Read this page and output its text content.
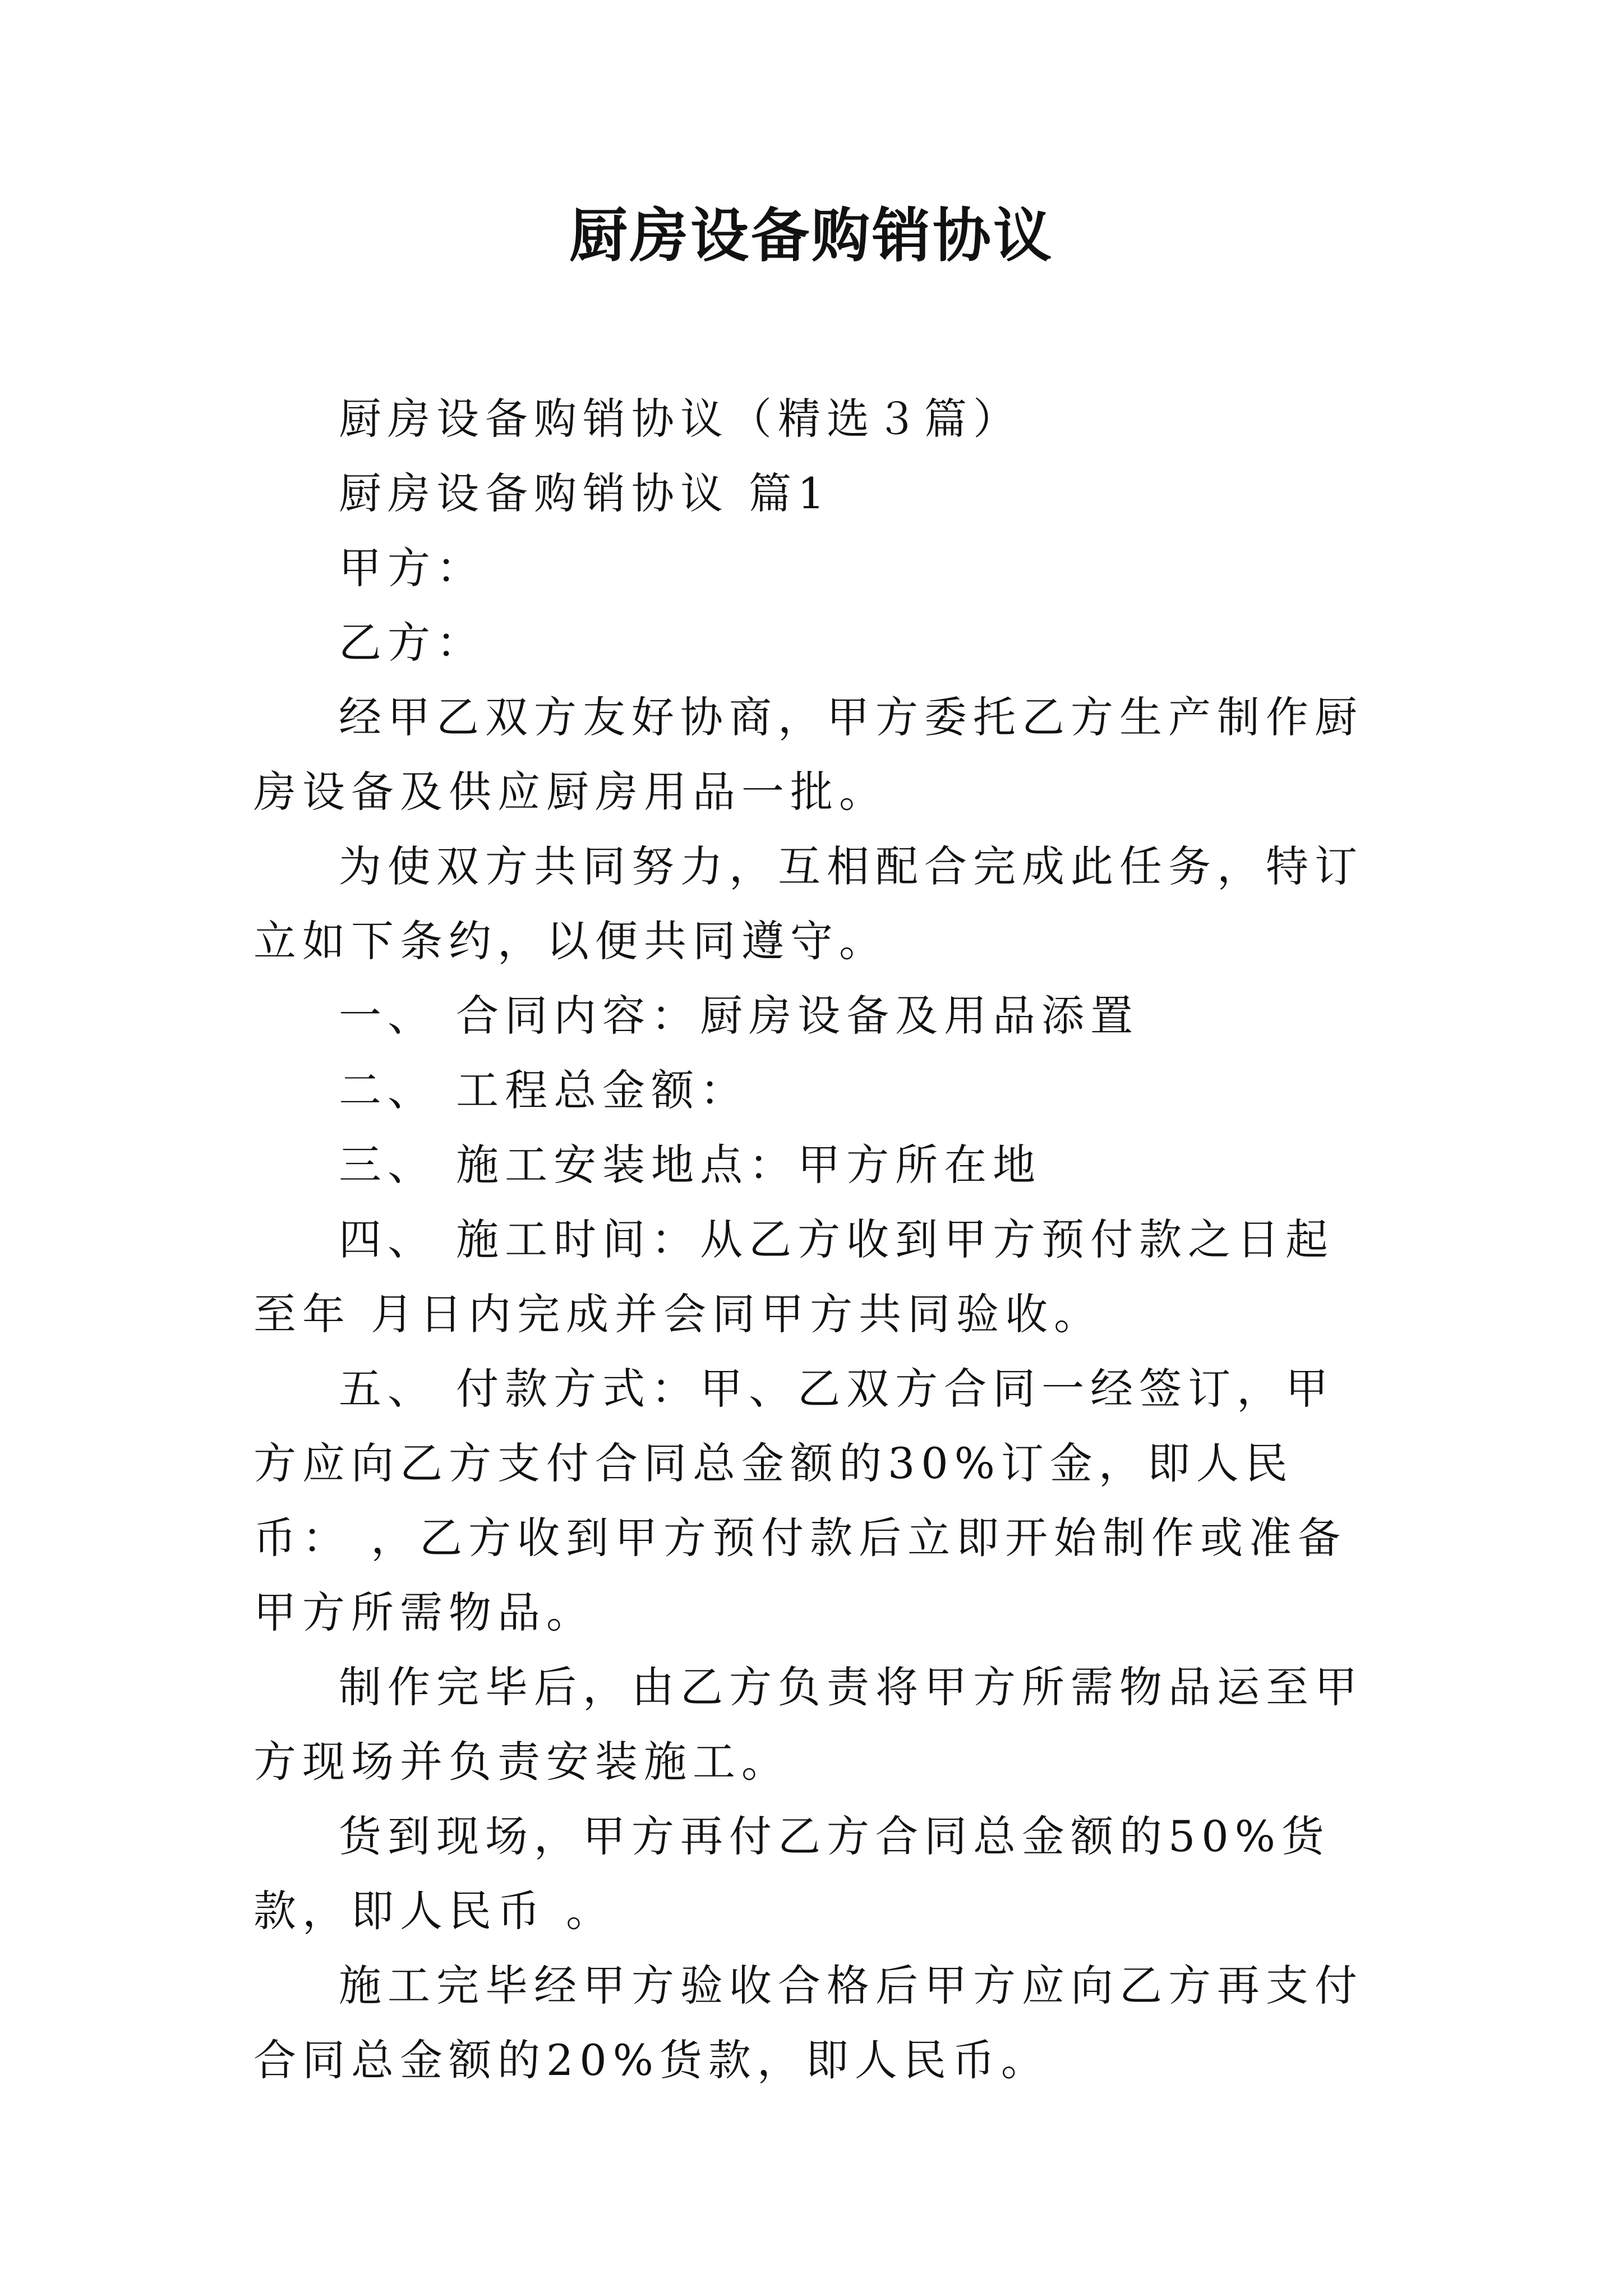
厨房设备购销协议

厨房设备购销协议（精选３篇）

厨房设备购销协议 篇1

甲方：

乙方：

经甲乙双方友好协商，甲方委托乙方生产制作厨房设备及供应厨房用品一批。

为使双方共同努力，互相配合完成此任务，特订立如下条约，以便共同遵守。

一、 合同内容：厨房设备及用品添置

二、 工程总金额：

三、 施工安装地点：甲方所在地

四、 施工时间：从乙方收到甲方预付款之日起至年 月日内完成并会同甲方共同验收。

五、 付款方式：甲、乙双方合同一经签订，甲方应向乙方支付合同总金额的30%订金，即人民币： ，乙方收到甲方预付款后立即开始制作或准备甲方所需物品。

制作完毕后，由乙方负责将甲方所需物品运至甲方现场并负责安装施工。

货到现场，甲方再付乙方合同总金额的50%货款，即人民币 。

施工完毕经甲方验收合格后甲方应向乙方再支付合同总金额的20%货款，即人民币。
